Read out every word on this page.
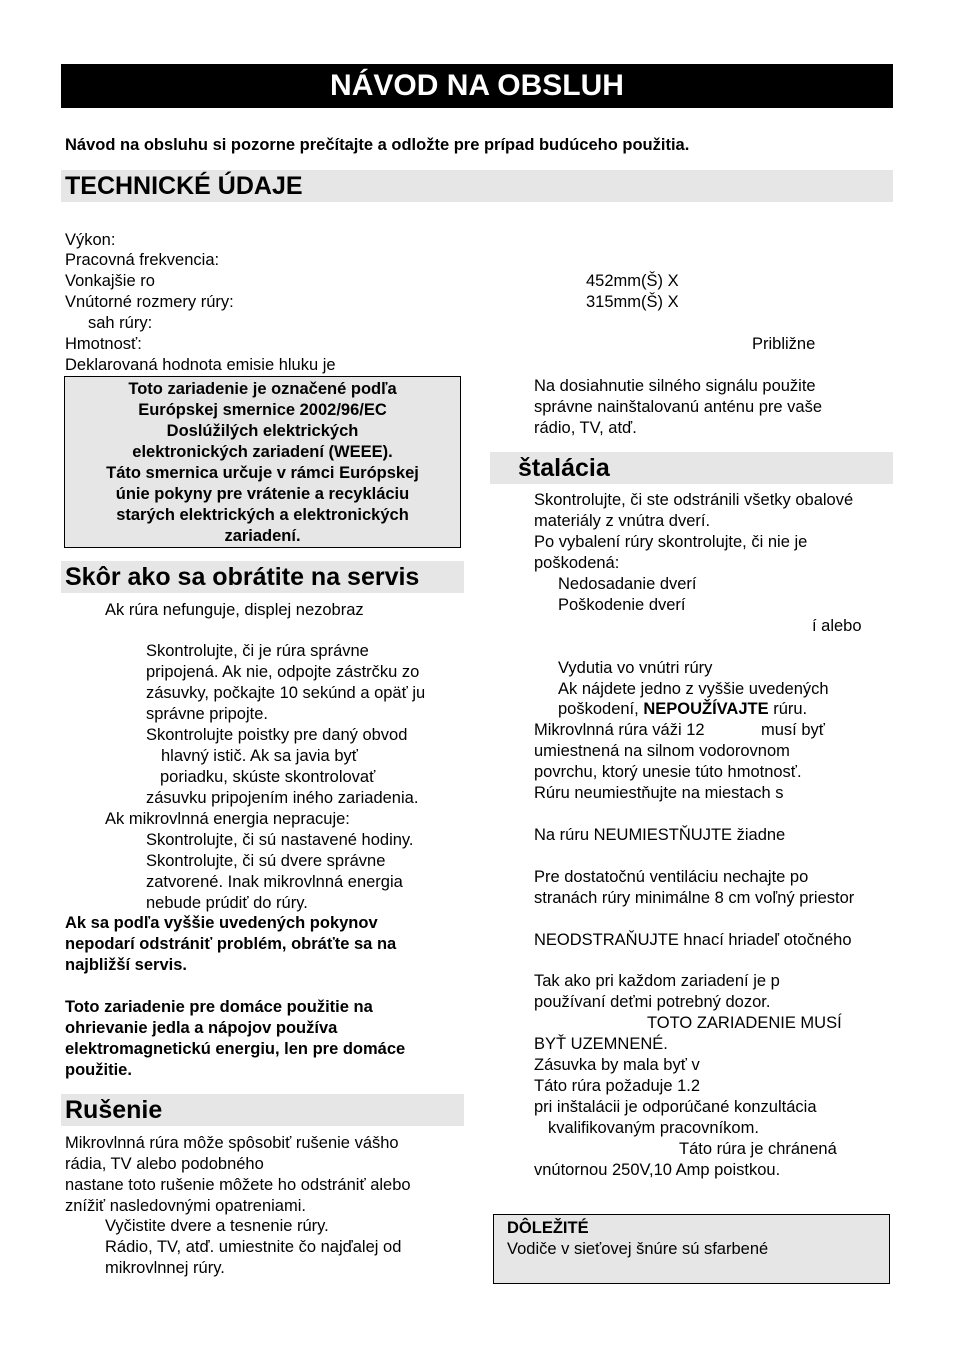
NÁVOD NA OBSLUH
Návod na obsluhu si pozorne prečítajte a odložte pre prípad budúceho použitia.
TECHNICKÉ ÚDAJE
Výkon:
Pracovná frekvencia:
Vonkajšie ro
Vnútorné rozmery rúry:
sah rúry:
Hmotnosť:
Deklarovaná hodnota emisie hluku je
452mm(Š) X
315mm(Š) X
Približne
Toto zariadenie je označené podľa
Európskej smernice 2002/96/EC
Doslúžilých elektrických
elektronických zariadení (WEEE).
Táto smernica určuje v rámci Európskej
únie pokyny pre vrátenie a recykláciu
starých elektrických a elektronických
zariadení.
Skôr ako sa obrátite na servis
Ak rúra nefunguje, displej nezobraz
Skontrolujte, či je rúra správne
pripojená. Ak nie, odpojte zástrčku zo
zásuvky, počkajte 10 sekúnd a opäť ju
správne pripojte.
Skontrolujte poistky pre daný obvod
hlavný istič. Ak sa javia byť
poriadku, skúste skontrolovať
zásuvku pripojením iného zariadenia.
Ak mikrovlnná energia nepracuje:
Skontrolujte, či sú nastavené hodiny.
Skontrolujte, či sú dvere správne
zatvorené. Inak mikrovlnná energia
nebude prúdiť do rúry.
Ak sa podľa vyššie uvedených pokynov
nepodarí odstrániť problém, obráťte sa na
najbližší servis.
Toto zariadenie pre domáce použitie na
ohrievanie jedla a nápojov používa
elektromagnetickú energiu, len pre domáce
použitie.
Rušenie
Mikrovlnná rúra môže spôsobiť rušenie vášho
rádia, TV alebo podobného
nastane toto rušenie môžete ho odstrániť alebo
znížiť nasledovnými opatreniami.
Vyčistite dvere a tesnenie rúry.
Rádio, TV, atď. umiestnite čo najďalej od
mikrovlnnej rúry.
Na dosiahnutie silného signálu použite
správne nainštalovanú anténu pre vaše
rádio, TV, atď.
štalácia
Skontrolujte, či ste odstránili všetky obalové
materiály z vnútra dverí.
Po vybalení rúry skontrolujte, či nie je
poškodená:
Nedosadanie dverí
Poškodenie dverí
í alebo
Vydutia vo vnútri rúry
Ak nájdete jedno z vyššie uvedených
poškodení, NEPOUŽÍVAJTE rúru.
Mikrovlnná rúra váži 12	musí byť
umiestnená na silnom vodorovnom
povrchu, ktorý unesie túto hmotnosť.
Rúru neumiestňujte na miestach s
Na rúru NEUMIESTŇUJTE žiadne
Pre dostatočnú ventiláciu nechajte po
stranách rúry minimálne 8 cm voľný priestor
NEODSTRAŇUJTE hnací hriadeľ otočného
Tak ako pri každom zariadení je p
používaní deťmi potrebný dozor.
TOTO ZARIADENIE MUSÍ
BYŤ UZEMNENÉ.
Zásuvka by mala byť v
Táto rúra požaduje 1.2
pri inštalácii je odporúčané konzultácia
kvalifikovaným pracovníkom.
Táto rúra je chránená
vnútornou 250V,10 Amp poistkou.
DÔLEŽITÉ
Vodiče v sieťovej šnúre sú sfarbené
